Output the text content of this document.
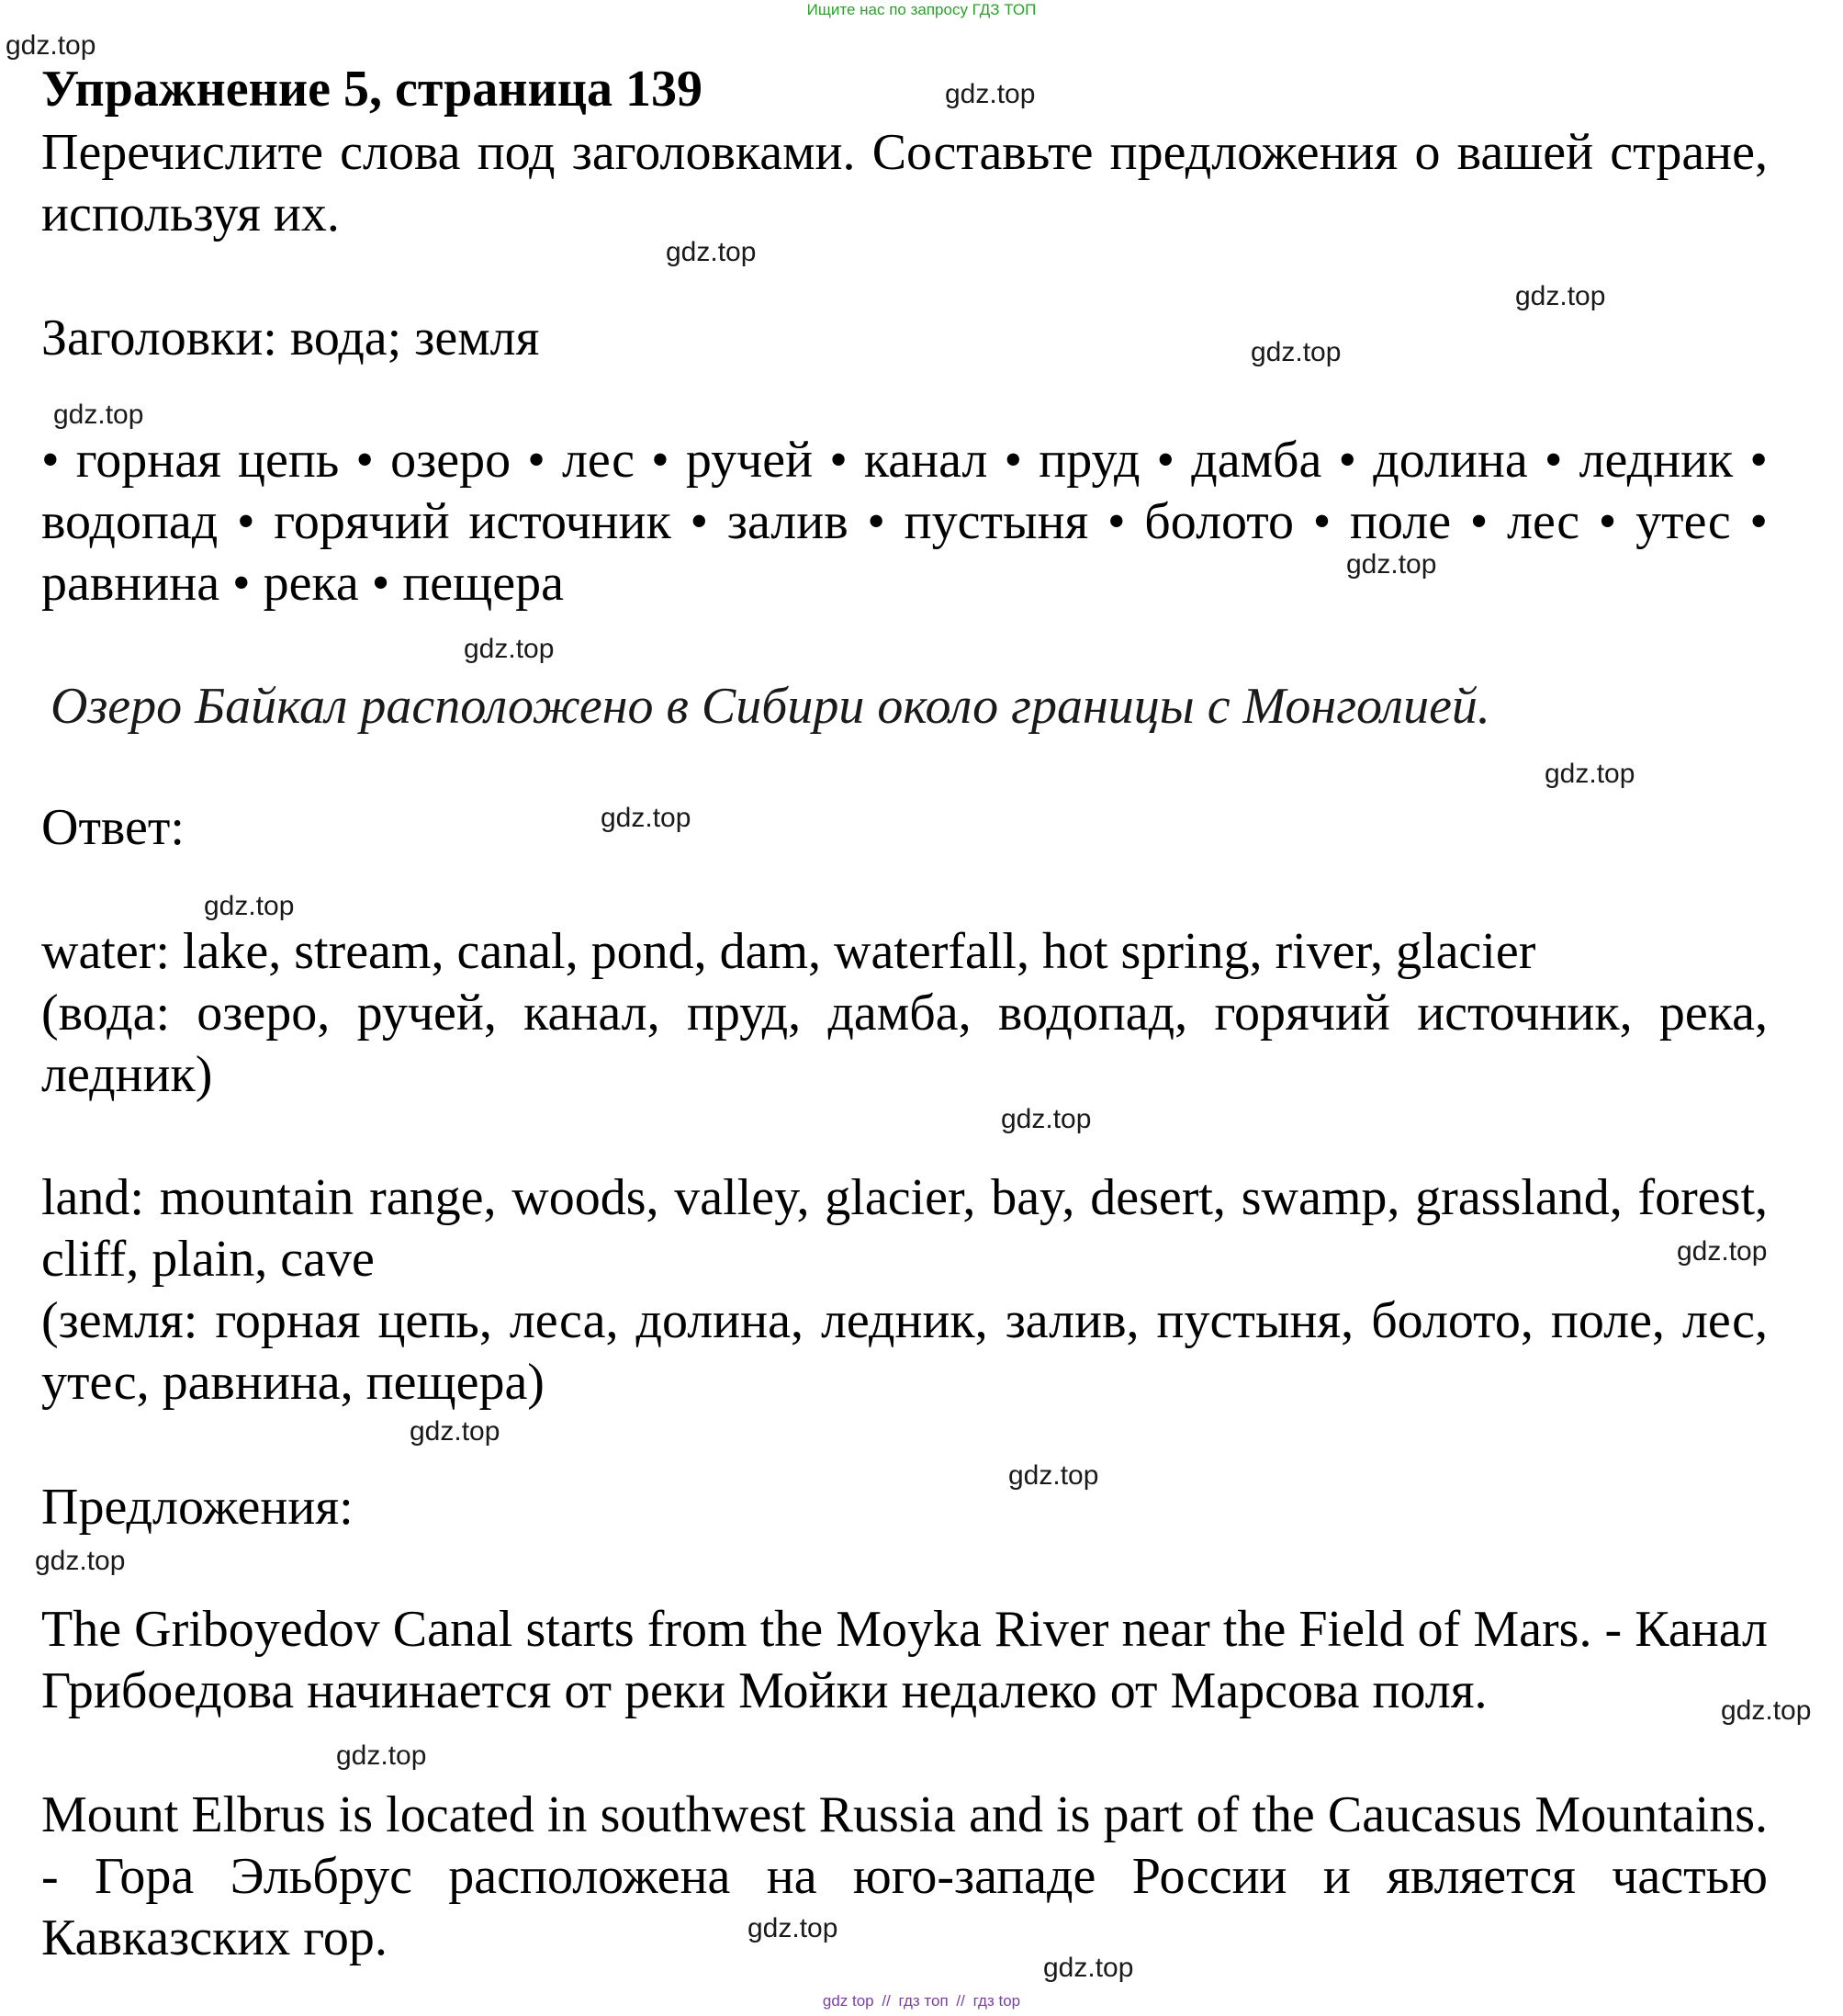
Ищите нас по запросу ГДЗ ТОП
Упражнение 5, страница 139

Перечислите слова под заголовками. Составьте предложения о вашей стране, используя их.

Заголовки: вода; земля

• горная цепь • озеро • лес • ручей • канал • пруд • дамба • долина • ледник • водопад • горячий источник • залив • пустыня • болото • поле • лес • утес • равнина • река • пещера

Озеро Байкал расположено в Сибири около границы с Монголией.

Ответ:

water: lake, stream, canal, pond, dam, waterfall, hot spring, river, glacier

(вода: озеро, ручей, канал, пруд, дамба, водопад, горячий источник, река, ледник)

land: mountain range, woods, valley, glacier, bay, desert, swamp, grassland, forest, cliff, plain, cave

(земля: горная цепь, леса, долина, ледник, залив, пустыня, болото, поле, лес, утес, равнина, пещера)

Предложения:

The Griboyedov Canal starts from the Moyka River near the Field of Mars. - Канал Грибоедова начинается от реки Мойки недалеко от Марсова поля.

Mount Elbrus is located in southwest Russia and is part of the Caucasus Mountains. - Гора Эльбрус расположена на юго-западе России и является частью Кавказских гор.

gdz.top
gdz.top
gdz.top
gdz.top
gdz.top
gdz.top
gdz.top
gdz.top
gdz.top
gdz.top
gdz.top
gdz.top
gdz.top
gdz.top
gdz.top
gdz.top
gdz.top
gdz.top
gdz.top
gdz.top
gdz top // гдз топ // гдз top
